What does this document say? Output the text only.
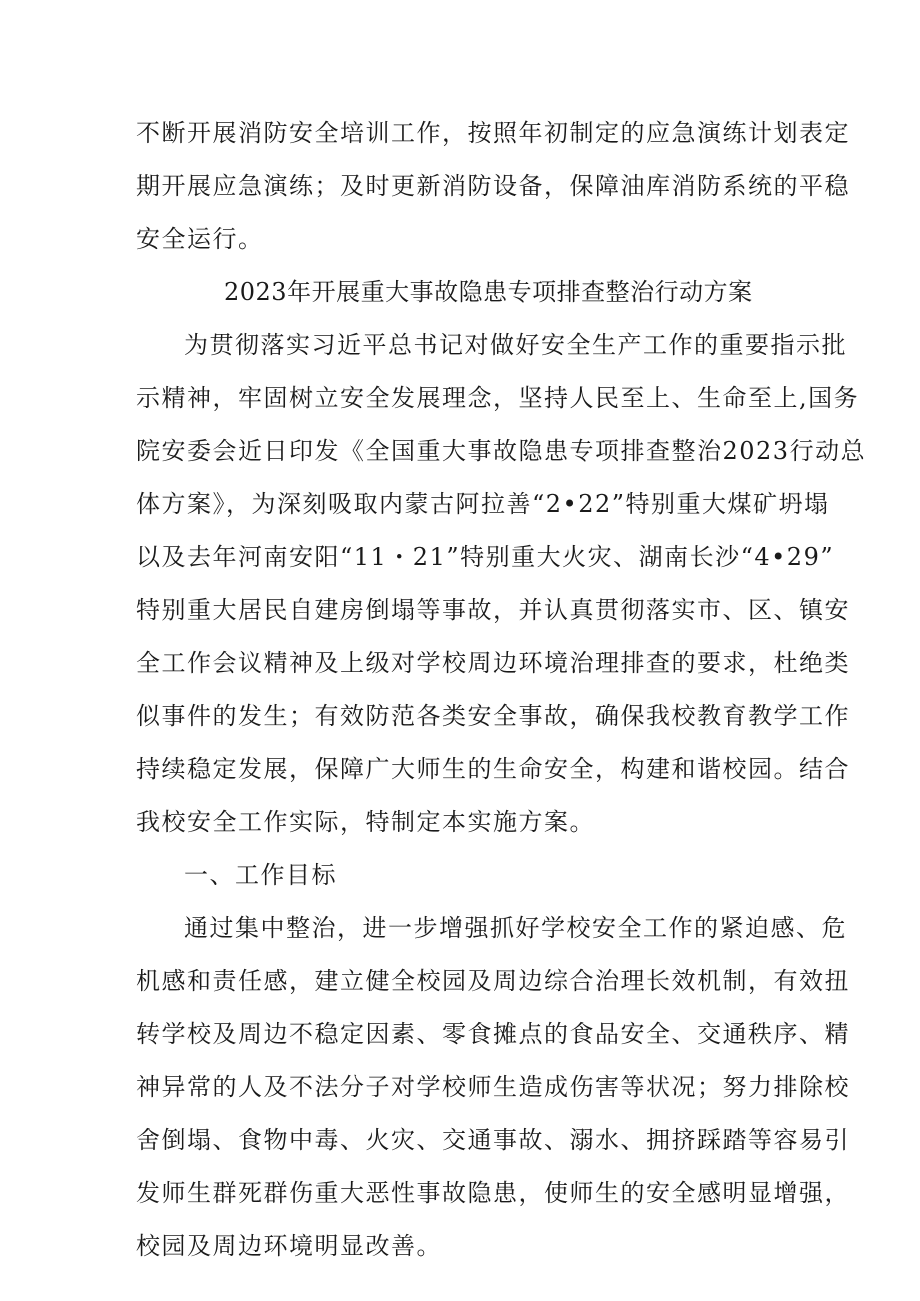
不断开展消防安全培训工作，按照年初制定的应急演练计划表定
期开展应急演练；及时更新消防设备，保障油库消防系统的平稳
安全运行。
2023年开展重大事故隐患专项排查整治行动方案
为贯彻落实习近平总书记对做好安全生产工作的重要指示批
示精神，牢固树立安全发展理念，坚持人民至上、生命至上,国务
院安委会近日印发《全国重大事故隐患专项排查整治2023行动总
体方案》，为深刻吸取内蒙古阿拉善“2•22”特别重大煤矿坍塌
以及去年河南安阳“11・21”特别重大火灾、湖南长沙“4•29”
特别重大居民自建房倒塌等事故，并认真贯彻落实市、区、镇安
全工作会议精神及上级对学校周边环境治理排查的要求，杜绝类
似事件的发生；有效防范各类安全事故，确保我校教育教学工作
持续稳定发展，保障广大师生的生命安全，构建和谐校园。结合
我校安全工作实际，特制定本实施方案。
一、工作目标
通过集中整治，进一步增强抓好学校安全工作的紧迫感、危
机感和责任感，建立健全校园及周边综合治理长效机制，有效扭
转学校及周边不稳定因素、零食摊点的食品安全、交通秩序、精
神异常的人及不法分子对学校师生造成伤害等状况；努力排除校
舍倒塌、食物中毒、火灾、交通事故、溺水、拥挤踩踏等容易引
发师生群死群伤重大恶性事故隐患，使师生的安全感明显增强，
校园及周边环境明显改善。
